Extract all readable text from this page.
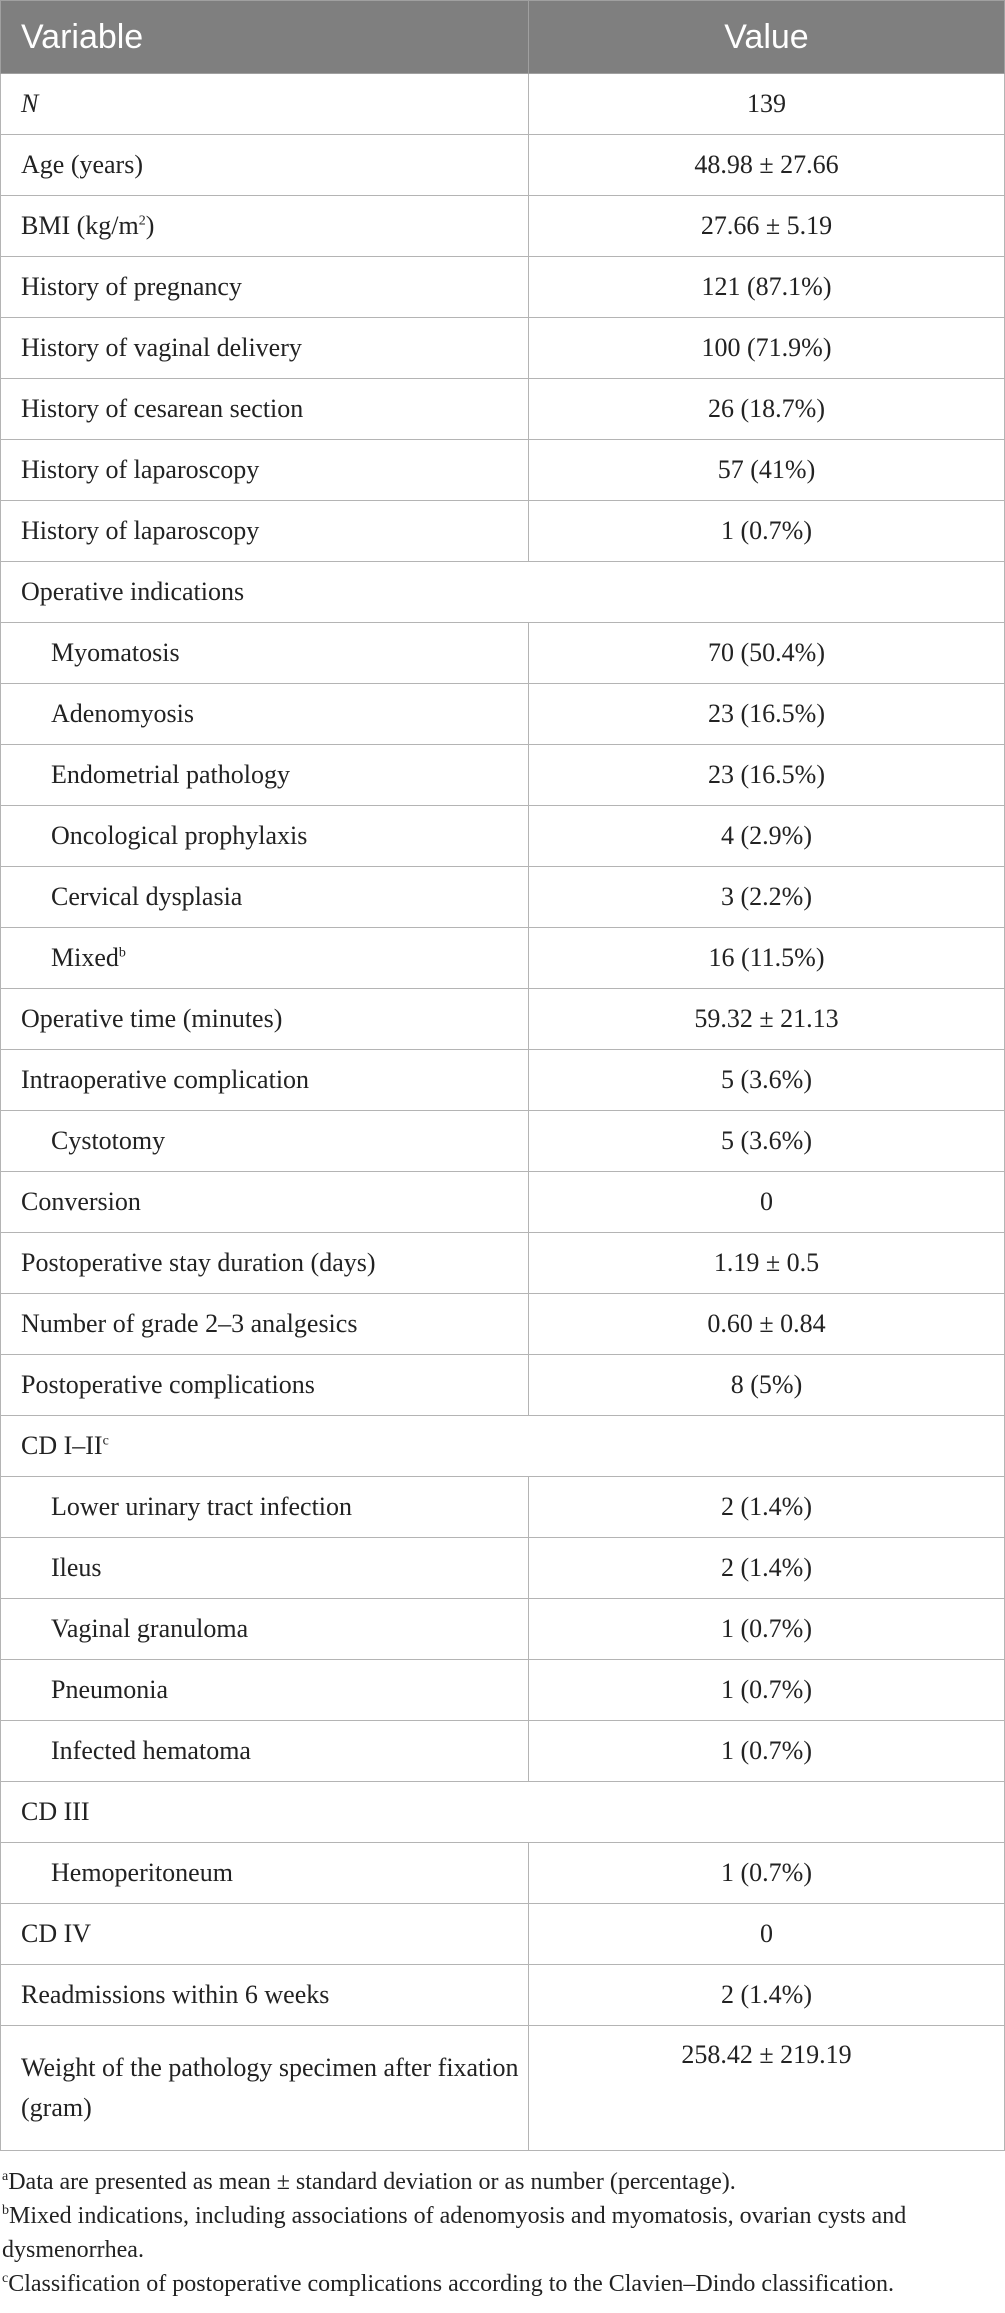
Variable	Value
N	139
Age (years)	48.98 ± 27.66
BMI $(kg/m^2)$	27.66 ± 5.19
History of pregnancy	121 (87.1%)
History of vaginal delivery	100 (71.9%)
History of cesarean section	26 (18.7%)
History of laparoscopy	57 (41%)
History of laparoscopy	1 (0.7%)
Operative indications	
Myomatosis	70 (50.4%)
Adenomyosis	23 (16.5%)
Endometrial pathology	23 (16.5%)
Oncological prophylaxis	4 (2.9%)
Cervical dysplasia	3 (2.2%)
Mixed$^b$	16 (11.5%)
Operative time (minutes)	59.32 ± 21.13
Intraoperative complication	5 (3.6%)
Cystotomy	5 (3.6%)
Conversion	0
Postoperative stay duration (days)	1.19 ± 0.5
Number of grade 2–3 analgesics	0.60 ± 0.84
Postoperative complications	8 (5%)
CD $I-II^c$
Lower urinary tract infection	2 (1.4%)
Ileus	2 (1.4%)
Vaginal granuloma	1 (0.7%)
Pneumonia	1 (0.7%)
Infected hematoma	1 (0.7%)
CD III	
Hemoperitoneum	1 (0.7%)
CD IV	0
Readmissions within 6 weeks	2 (1.4%)
Weight of the pathology specimen after fixation (gram)	258.42 ± 219.19

$^a$Data are presented as mean ± standard deviation or as number (percentage).

$^b$Mixed indications, including associations of adenomyosis and myomatosis, ovarian cysts and dysmenorrhea.

$^c$Classification of postoperative complications according to the Clavien–Dindo classification.
